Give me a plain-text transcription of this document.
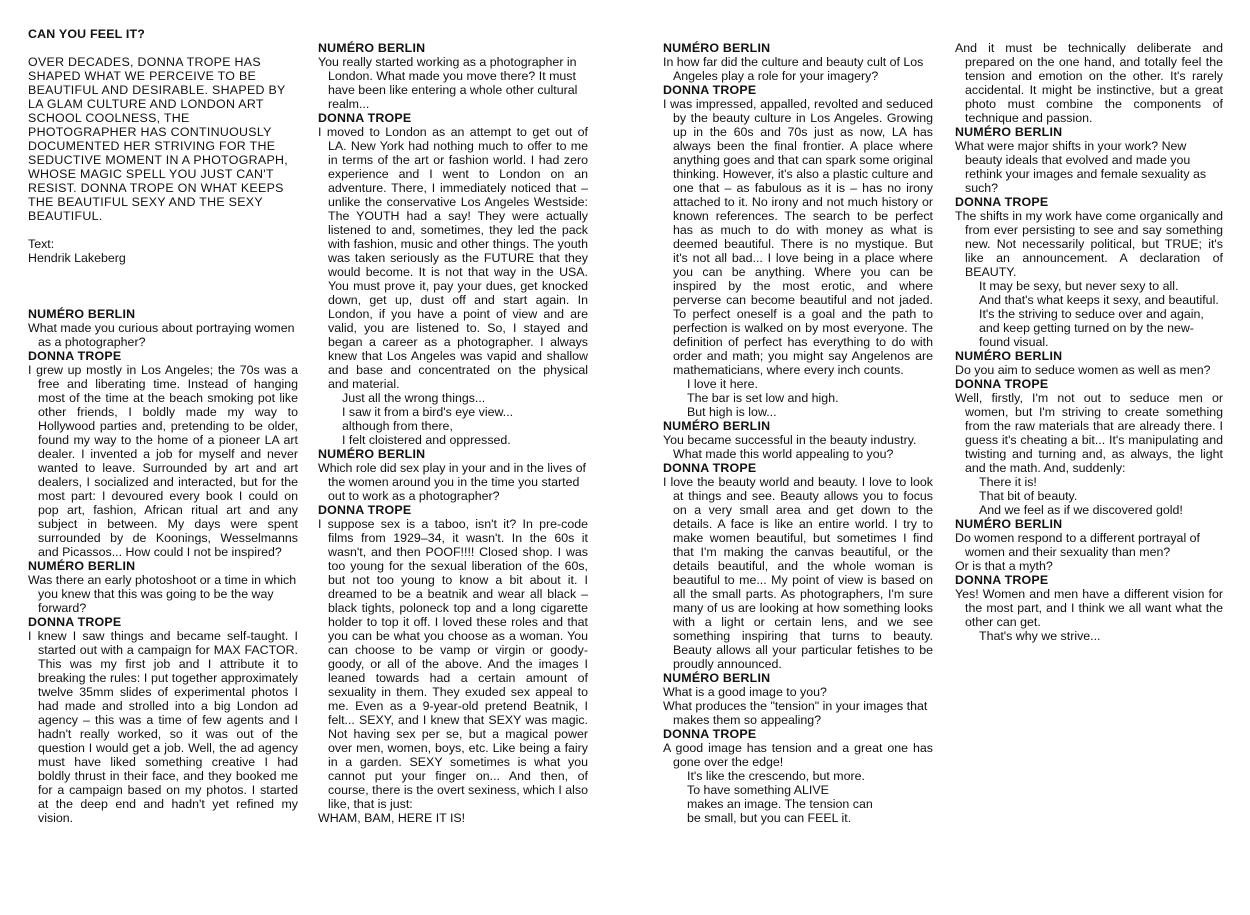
CAN YOU FEEL IT?
OVER DECADES, DONNA TROPE HAS SHAPED WHAT WE PERCEIVE TO BE BEAUTIFUL AND DESIRABLE. SHAPED BY LA GLAM CULTURE AND LONDON ART SCHOOL COOLNESS, THE PHOTOGRAPHER HAS CONTINUOUSLY DOCUMENTED HER STRIVING FOR THE SEDUCTIVE MOMENT IN A PHOTOGRAPH, WHOSE MAGIC SPELL YOU JUST CAN'T RESIST. DONNA TROPE ON WHAT KEEPS THE BEAUTIFUL SEXY AND THE SEXY BEAUTIFUL.
Text:
Hendrik Lakeberg
NUMÉRO BERLIN
What made you curious about portraying women as a photographer?
DONNA TROPE
I grew up mostly in Los Angeles; the 70s was a free and liberating time. Instead of hanging most of the time at the beach smoking pot like other friends, I boldly made my way to Hollywood parties and, pretending to be older, found my way to the home of a pioneer LA art dealer. I invented a job for myself and never wanted to leave. Surrounded by art and art dealers, I socialized and interacted, but for the most part: I devoured every book I could on pop art, fashion, African ritual art and any subject in between. My days were spent surrounded by de Koonings, Wesselmanns and Picassos... How could I not be inspired?
NUMÉRO BERLIN
Was there an early photoshoot or a time in which you knew that this was going to be the way forward?
DONNA TROPE
I knew I saw things and became self-taught. I started out with a campaign for MAX FACTOR. This was my first job and I attribute it to breaking the rules: I put together approximately twelve 35mm slides of experimental photos I had made and strolled into a big London ad agency – this was a time of few agents and I hadn't really worked, so it was out of the question I would get a job. Well, the ad agency must have liked something creative I had boldly thrust in their face, and they booked me for a campaign based on my photos. I started at the deep end and hadn't yet refined my vision.
NUMÉRO BERLIN
You really started working as a photographer in London. What made you move there? It must have been like entering a whole other cultural realm...
DONNA TROPE
I moved to London as an attempt to get out of LA. New York had nothing much to offer to me in terms of the art or fashion world. I had zero experience and I went to London on an adventure. There, I immediately noticed that – unlike the conservative Los Angeles Westside: The YOUTH had a say! They were actually listened to and, sometimes, they led the pack with fashion, music and other things. The youth was taken seriously as the FUTURE that they would become. It is not that way in the USA. You must prove it, pay your dues, get knocked down, get up, dust off and start again. In London, if you have a point of view and are valid, you are listened to. So, I stayed and began a career as a photographer. I always knew that Los Angeles was vapid and shallow and base and concentrated on the physical and material.
Just all the wrong things...
I saw it from a bird's eye view...
although from there,
I felt cloistered and oppressed.
NUMÉRO BERLIN
Which role did sex play in your and in the lives of the women around you in the time you started out to work as a photographer?
DONNA TROPE
I suppose sex is a taboo, isn't it? In pre-code films from 1929–34, it wasn't. In the 60s it wasn't, and then POOF!!!! Closed shop. I was too young for the sexual liberation of the 60s, but not too young to know a bit about it. I dreamed to be a beatnik and wear all black – black tights, poloneck top and a long cigarette holder to top it off. I loved these roles and that you can be what you choose as a woman. You can choose to be vamp or virgin or goody-goody, or all of the above. And the images I leaned towards had a certain amount of sexuality in them. They exuded sex appeal to me. Even as a 9-year-old pretend Beatnik, I felt... SEXY, and I knew that SEXY was magic. Not having sex per se, but a magical power over men, women, boys, etc. Like being a fairy in a garden. SEXY sometimes is what you cannot put your finger on... And then, of course, there is the overt sexiness, which I also like, that is just:
WHAM, BAM, HERE IT IS!
NUMÉRO BERLIN
In how far did the culture and beauty cult of Los Angeles play a role for your imagery?
DONNA TROPE
I was impressed, appalled, revolted and seduced by the beauty culture in Los Angeles. Growing up in the 60s and 70s just as now, LA has always been the final frontier. A place where anything goes and that can spark some original thinking. However, it's also a plastic culture and one that – as fabulous as it is – has no irony attached to it. No irony and not much history or known references. The search to be perfect has as much to do with money as what is deemed beautiful. There is no mystique. But it's not all bad... I love being in a place where you can be anything. Where you can be inspired by the most erotic, and where perverse can become beautiful and not jaded. To perfect oneself is a goal and the path to perfection is walked on by most everyone. The definition of perfect has everything to do with order and math; you might say Angelenos are mathematicians, where every inch counts.
I love it here.
The bar is set low and high.
But high is low...
NUMÉRO BERLIN
You became successful in the beauty industry. What made this world appealing to you?
DONNA TROPE
I love the beauty world and beauty. I love to look at things and see. Beauty allows you to focus on a very small area and get down to the details. A face is like an entire world. I try to make women beautiful, but sometimes I find that I'm making the canvas beautiful, or the details beautiful, and the whole woman is beautiful to me... My point of view is based on all the small parts. As photographers, I'm sure many of us are looking at how something looks with a light or certain lens, and we see something inspiring that turns to beauty. Beauty allows all your particular fetishes to be proudly announced.
NUMÉRO BERLIN
What is a good image to you?
What produces the "tension" in your images that makes them so appealing?
DONNA TROPE
A good image has tension and a great one has gone over the edge!
It's like the crescendo, but more.
To have something ALIVE
makes an image. The tension can
be small, but you can FEEL it.
And it must be technically deliberate and prepared on the one hand, and totally feel the tension and emotion on the other. It's rarely accidental. It might be instinctive, but a great photo must combine the components of technique and passion.
NUMÉRO BERLIN
What were major shifts in your work? New beauty ideals that evolved and made you rethink your images and female sexuality as such?
DONNA TROPE
The shifts in my work have come organically and from ever persisting to see and say something new. Not necessarily political, but TRUE; it's like an announcement. A declaration of BEAUTY.
It may be sexy, but never sexy to all.
And that's what keeps it sexy, and beautiful. It's the striving to seduce over and again, and keep getting turned on by the new-found visual.
NUMÉRO BERLIN
Do you aim to seduce women as well as men?
DONNA TROPE
Well, firstly, I'm not out to seduce men or women, but I'm striving to create something from the raw materials that are already there. I guess it's cheating a bit... It's manipulating and twisting and turning and, as always, the light and the math. And, suddenly:
There it is!
That bit of beauty.
And we feel as if we discovered gold!
NUMÉRO BERLIN
Do women respond to a different portrayal of women and their sexuality than men?
Or is that a myth?
DONNA TROPE
Yes! Women and men have a different vision for the most part, and I think we all want what the other can get.
That's why we strive...
